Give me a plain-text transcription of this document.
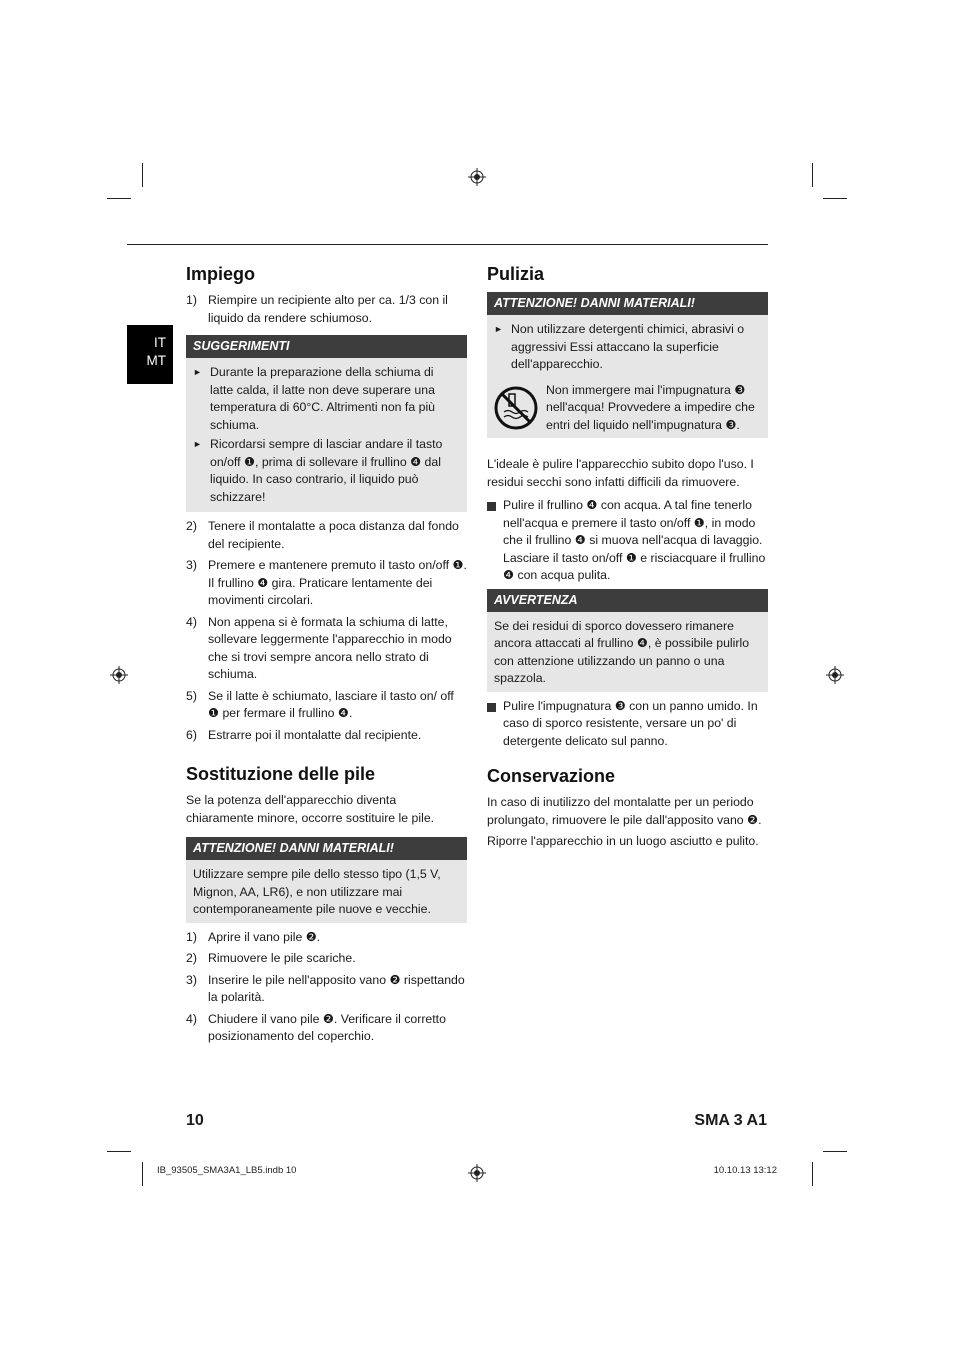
IT
MT
Impiego
1) Riempire un recipiente alto per ca. 1/3 con il liquido da rendere schiumoso.
SUGGERIMENTI
► Durante la preparazione della schiuma di latte calda, il latte non deve superare una temperatura di 60°C. Altrimenti non fa più schiuma.
► Ricordarsi sempre di lasciar andare il tasto on/off ❶, prima di sollevare il frullino ❹ dal liquido. In caso contrario, il liquido può schizzare!
2) Tenere il montalatte a poca distanza dal fondo del recipiente.
3) Premere e mantenere premuto il tasto on/off ❶. Il frullino ❹ gira. Praticare lentamente dei movimenti circolari.
4) Non appena si è formata la schiuma di latte, sollevare leggermente l'apparecchio in modo che si trovi sempre ancora nello strato di schiuma.
5) Se il latte è schiumato, lasciare il tasto on/ off ❶ per fermare il frullino ❹.
6) Estrarre poi il montalatte dal recipiente.
Sostituzione delle pile
Se la potenza dell'apparecchio diventa chiaramente minore, occorre sostituire le pile.
ATTENZIONE! DANNI MATERIALI!
Utilizzare sempre pile dello stesso tipo (1,5 V, Mignon, AA, LR6), e non utilizzare mai contemporaneamente pile nuove e vecchie.
1) Aprire il vano pile ❷.
2) Rimuovere le pile scariche.
3) Inserire le pile nell'apposito vano ❷ rispettando la polarità.
4) Chiudere il vano pile ❷. Verificare il corretto posizionamento del coperchio.
Pulizia
ATTENZIONE! DANNI MATERIALI!
► Non utilizzare detergenti chimici, abrasivi o aggressivi Essi attaccano la superficie dell'apparecchio.
Non immergere mai l'impugnatura ❸ nell'acqua! Provvedere a impedire che entri del liquido nell'impugnatura ❸.
L'ideale è pulire l'apparecchio subito dopo l'uso. I residui secchi sono infatti difficili da rimuovere.
Pulire il frullino ❹ con acqua. A tal fine tenerlo nell'acqua e premere il tasto on/off ❶, in modo che il frullino ❹ si muova nell'acqua di lavaggio. Lasciare il tasto on/off ❶ e risciacquare il frullino ❹ con acqua pulita.
AVVERTENZA
Se dei residui di sporco dovessero rimanere ancora attaccati al frullino ❹, è possibile pulirlo con attenzione utilizzando un panno o una spazzola.
Pulire l'impugnatura ❸ con un panno umido. In caso di sporco resistente, versare un po' di detergente delicato sul panno.
Conservazione
In caso di inutilizzo del montalatte per un periodo prolungato, rimuovere le pile dall'apposito vano ❷.
Riporre l'apparecchio in un luogo asciutto e pulito.
10	SMA 3 A1
IB_93505_SMA3A1_LB5.indb 10	10.10.13 13:12
